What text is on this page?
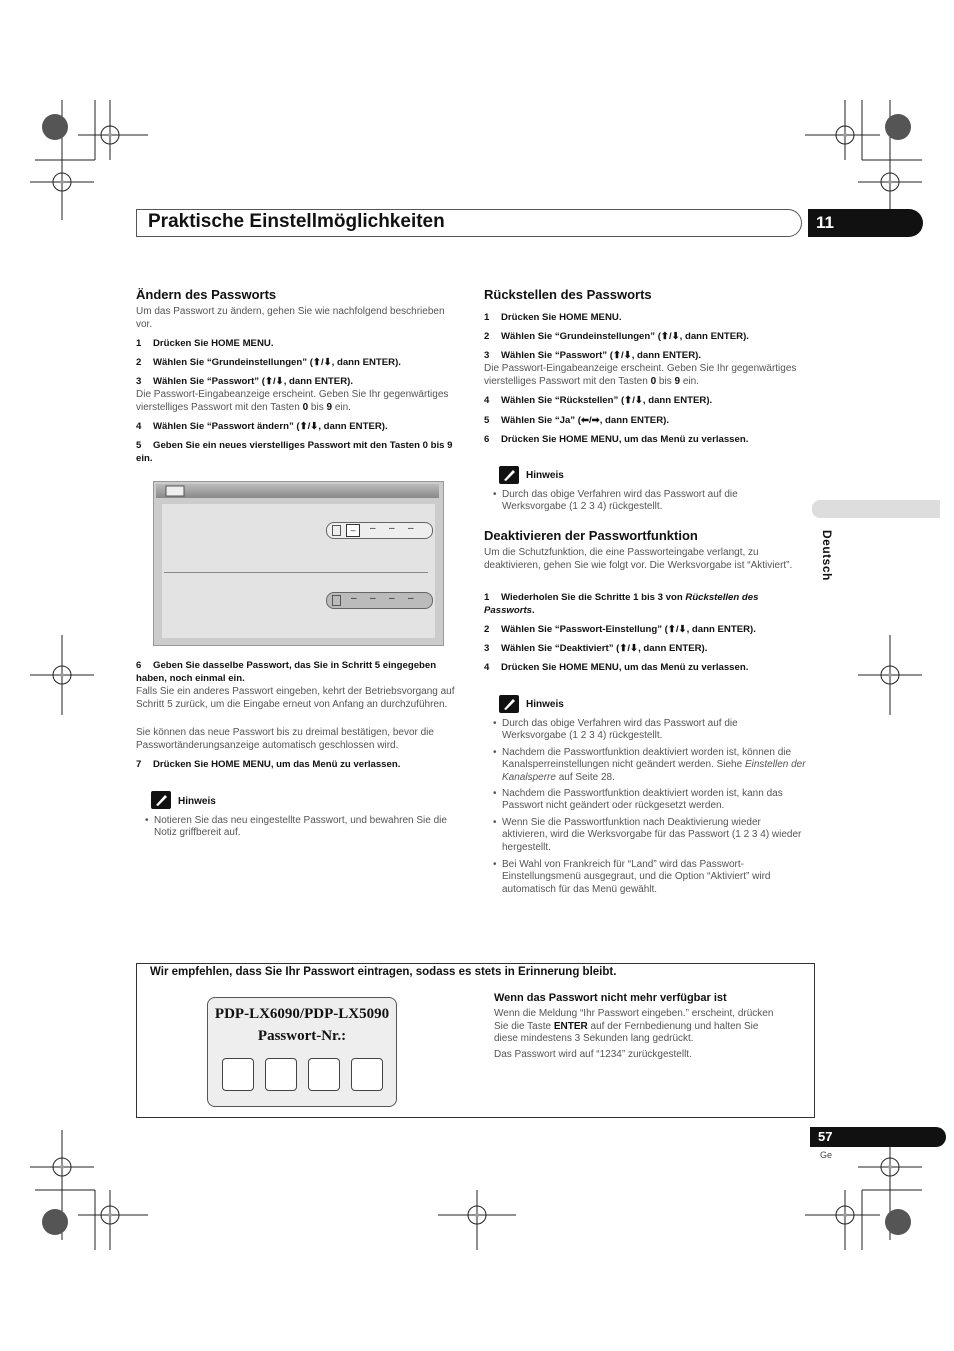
Praktische Einstellmöglichkeiten	11
Deutsch
Ändern des Passworts
Um das Passwort zu ändern, gehen Sie wie nachfolgend beschrieben vor.
1 Drücken Sie HOME MENU.
2 Wählen Sie “Grundeinstellungen” (⬆/⬇, dann ENTER).
3 Wählen Sie “Passwort” (⬆/⬇, dann ENTER).
Die Passwort-Eingabeanzeige erscheint. Geben Sie Ihr gegenwärtiges vierstelliges Passwort mit den Tasten 0 bis 9 ein.
4 Wählen Sie “Passwort ändern” (⬆/⬇, dann ENTER).
5 Geben Sie ein neues vierstelliges Passwort mit den Tasten 0 bis 9 ein.
–	– – –
– – – –
6 Geben Sie dasselbe Passwort, das Sie in Schritt 5 eingegeben haben, noch einmal ein.
Falls Sie ein anderes Passwort eingeben, kehrt der Betriebsvorgang auf Schritt 5 zurück, um die Eingabe erneut von Anfang an durchzuführen.
Sie können das neue Passwort bis zu dreimal bestätigen, bevor die Passwortänderungsanzeige automatisch geschlossen wird.
7 Drücken Sie HOME MENU, um das Menü zu verlassen.
Hinweis
• Notieren Sie das neu eingestellte Passwort, und bewahren Sie die Notiz griffbereit auf.
Rückstellen des Passworts
1 Drücken Sie HOME MENU.
2 Wählen Sie “Grundeinstellungen” (⬆/⬇, dann ENTER).
3 Wählen Sie “Passwort” (⬆/⬇, dann ENTER).
Die Passwort-Eingabeanzeige erscheint. Geben Sie Ihr gegenwärtiges vierstelliges Passwort mit den Tasten 0 bis 9 ein.
4 Wählen Sie “Rückstellen” (⬆/⬇, dann ENTER).
5 Wählen Sie “Ja” (⬅/➡, dann ENTER).
6 Drücken Sie HOME MENU, um das Menü zu verlassen.
Hinweis
• Durch das obige Verfahren wird das Passwort auf die Werksvorgabe (1 2 3 4) rückgestellt.
Deaktivieren der Passwortfunktion
Um die Schutzfunktion, die eine Passworteingabe verlangt, zu deaktivieren, gehen Sie wie folgt vor. Die Werksvorgabe ist “Aktiviert”.
1 Wiederholen Sie die Schritte 1 bis 3 von Rückstellen des Passworts.
2 Wählen Sie “Passwort-Einstellung” (⬆/⬇, dann ENTER).
3 Wählen Sie “Deaktiviert” (⬆/⬇, dann ENTER).
4 Drücken Sie HOME MENU, um das Menü zu verlassen.
Hinweis
• Durch das obige Verfahren wird das Passwort auf die Werksvorgabe (1 2 3 4) rückgestellt.
• Nachdem die Passwortfunktion deaktiviert worden ist, können die Kanalsperreinstellungen nicht geändert werden. Siehe Einstellen der Kanalsperre auf Seite 28.
• Nachdem die Passwortfunktion deaktiviert worden ist, kann das Passwort nicht geändert oder rückgesetzt werden.
• Wenn Sie die Passwortfunktion nach Deaktivierung wieder aktivieren, wird die Werksvorgabe für das Passwort (1 2 3 4) wieder hergestellt.
• Bei Wahl von Frankreich für “Land” wird das Passwort-Einstellungsmenü ausgegraut, und die Option “Aktiviert” wird automatisch für das Menü gewählt.
Wir empfehlen, dass Sie Ihr Passwort eintragen, sodass es stets in Erinnerung bleibt.
PDP-LX6090/PDP-LX5090
Passwort-Nr.:
Wenn das Passwort nicht mehr verfügbar ist
Wenn die Meldung “Ihr Passwort eingeben.” erscheint, drücken Sie die Taste ENTER auf der Fernbedienung und halten Sie diese mindestens 3 Sekunden lang gedrückt.
Das Passwort wird auf “1234” zurückgestellt.
57
Ge
